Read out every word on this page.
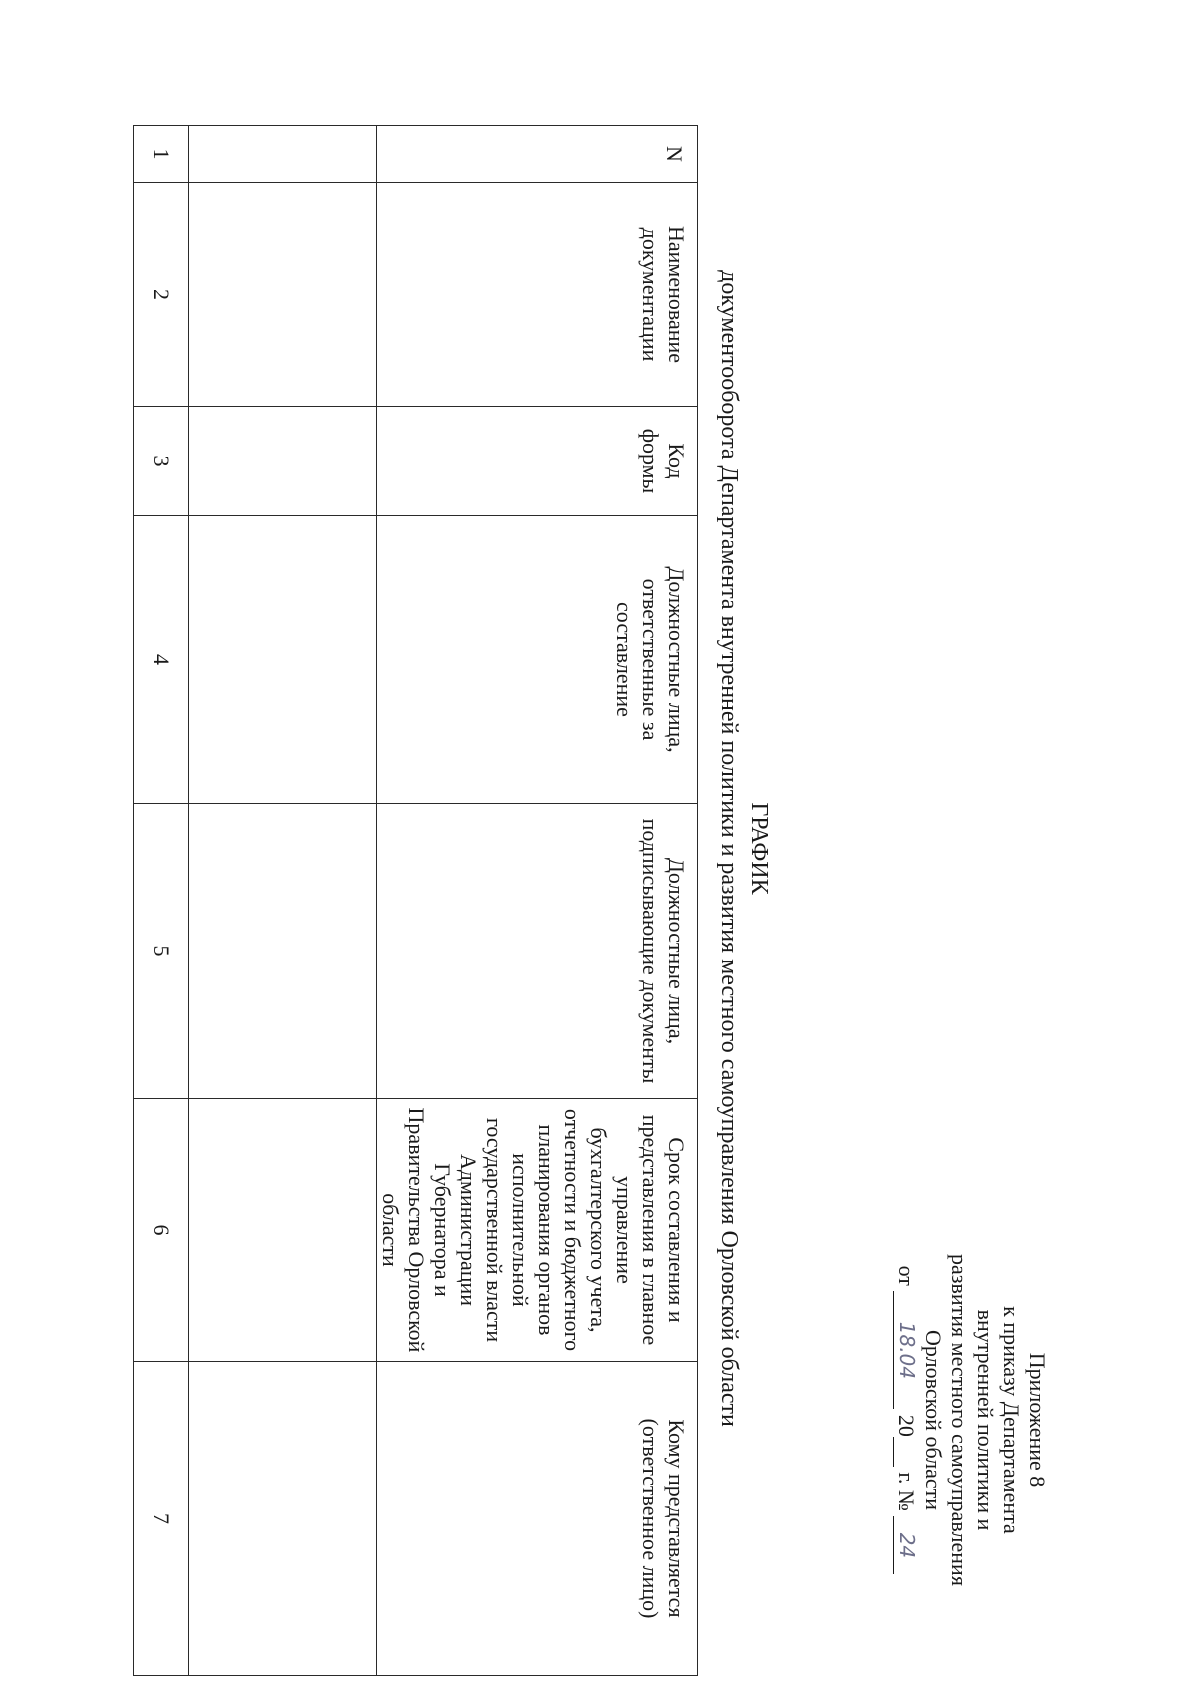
Приложение 8
к приказу Департамента
внутренней политики и
развития местного самоуправления
Орловской области
от 18.04 20 г. № 24
ГРАФИК
документооборота Департамента внутренней политики и развития местного самоуправления Орловской области
N	Наименование документации	Код формы	Должностные лица, ответственные за составление	Должностные лица, подписывающие документы	Срок составления и представления в главное управление бухгалтерского учета, отчетности и бюджетного планирования органов исполнительной государственной власти Администрации Губернатора и Правительства Орловской области	Кому представляется (ответственное лицо)

1	2	3	4	5	6	7
